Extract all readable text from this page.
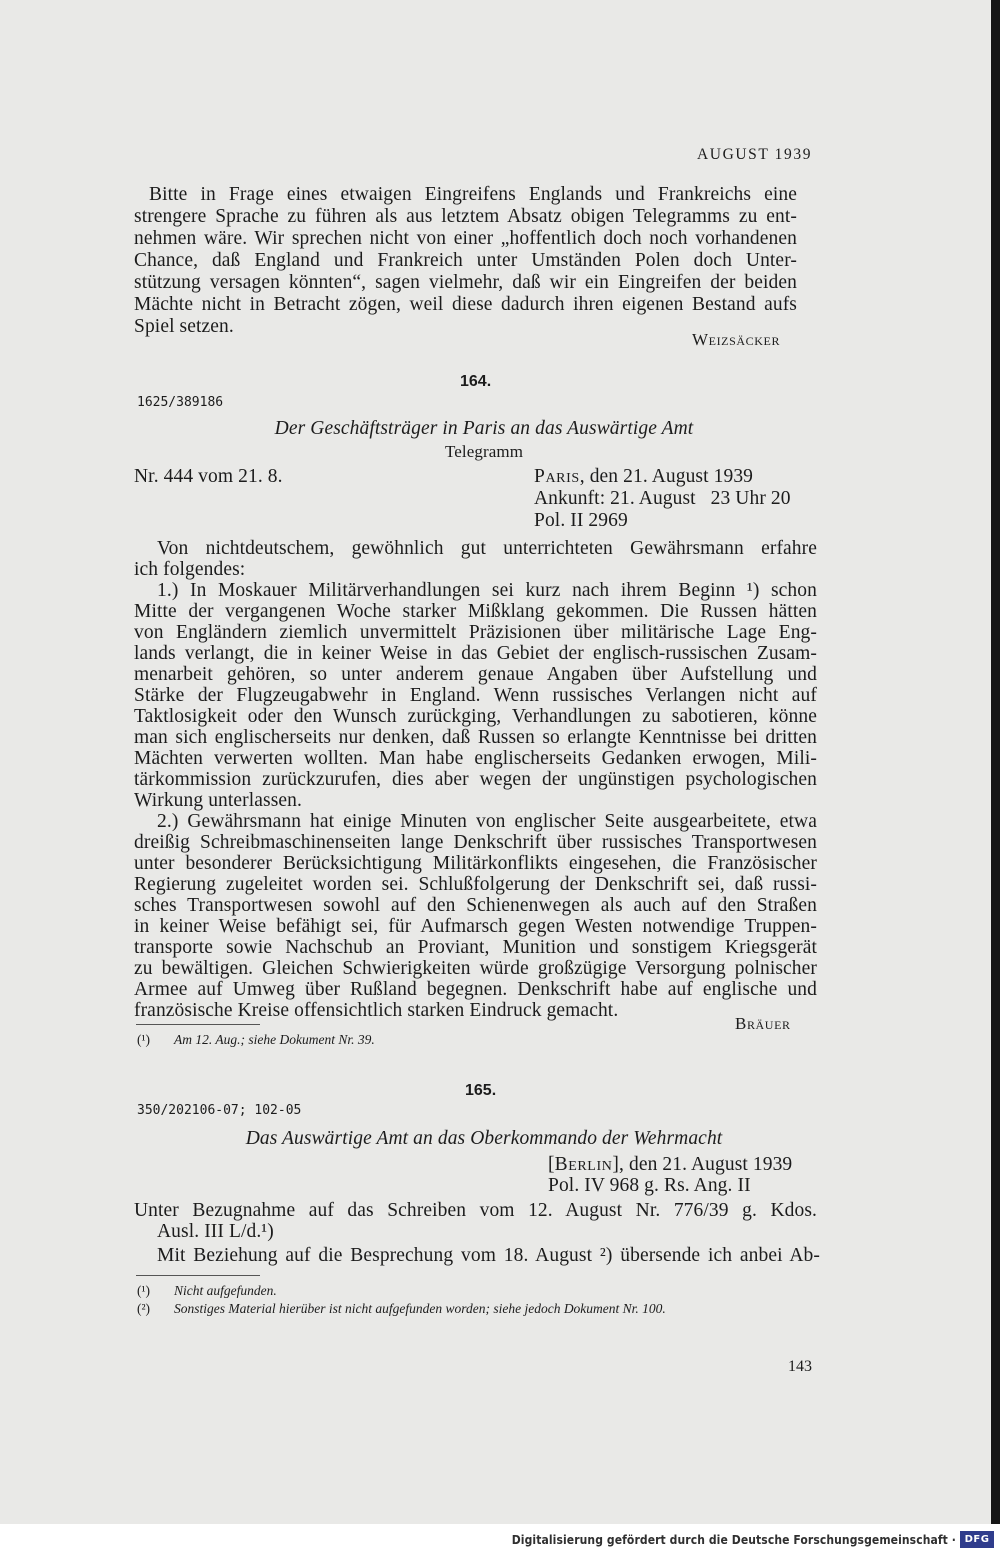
AUGUST 1939
Bitte in Frage eines etwaigen Eingreifens Englands und Frankreichs eine
strengere Sprache zu führen als aus letztem Absatz obigen Telegramms zu ent-
nehmen wäre. Wir sprechen nicht von einer „hoffentlich doch noch vorhandenen
Chance, daß England und Frankreich unter Umständen Polen doch Unter-
stützung versagen könnten“, sagen vielmehr, daß wir ein Eingreifen der beiden
Mächte nicht in Betracht zögen, weil diese dadurch ihren eigenen Bestand aufs
Spiel setzen.
Weizsäcker
164.
1625/389186
Der Geschäftsträger in Paris an das Auswärtige Amt
Telegramm
Nr. 444 vom 21. 8.	Paris, den 21. August 1939
Ankunft: 21. August   23 Uhr 20
Pol. II 2969
Von nichtdeutschem, gewöhnlich gut unterrichteten Gewährsmann erfahre
ich folgendes:
1.) In Moskauer Militärverhandlungen sei kurz nach ihrem Beginn ¹) schon
Mitte der vergangenen Woche starker Mißklang gekommen. Die Russen hätten
von Engländern ziemlich unvermittelt Präzisionen über militärische Lage Eng-
lands verlangt, die in keiner Weise in das Gebiet der englisch-russischen Zusam-
menarbeit gehören, so unter anderem genaue Angaben über Aufstellung und
Stärke der Flugzeugabwehr in England. Wenn russisches Verlangen nicht auf
Taktlosigkeit oder den Wunsch zurückging, Verhandlungen zu sabotieren, könne
man sich englischerseits nur denken, daß Russen so erlangte Kenntnisse bei dritten
Mächten verwerten wollten. Man habe englischerseits Gedanken erwogen, Mili-
tärkommission zurückzurufen, dies aber wegen der ungünstigen psychologischen
Wirkung unterlassen.
2.) Gewährsmann hat einige Minuten von englischer Seite ausgearbeitete, etwa
dreißig Schreibmaschinenseiten lange Denkschrift über russisches Transportwesen
unter besonderer Berücksichtigung Militärkonflikts eingesehen, die Französischer
Regierung zugeleitet worden sei. Schlußfolgerung der Denkschrift sei, daß russi-
sches Transportwesen sowohl auf den Schienenwegen als auch auf den Straßen
in keiner Weise befähigt sei, für Aufmarsch gegen Westen notwendige Truppen-
transporte sowie Nachschub an Proviant, Munition und sonstigem Kriegsgerät
zu bewältigen. Gleichen Schwierigkeiten würde großzügige Versorgung polnischer
Armee auf Umweg über Rußland begegnen. Denkschrift habe auf englische und
französische Kreise offensichtlich starken Eindruck gemacht.
Bräuer
(¹) Am 12. Aug.; siehe Dokument Nr. 39.
165.
350/202106-07; 102-05
Das Auswärtige Amt an das Oberkommando der Wehrmacht
[Berlin], den 21. August 1939
Pol. IV 968 g. Rs. Ang. II
Unter Bezugnahme auf das Schreiben vom 12. August Nr. 776/39 g. Kdos.
Ausl. III L/d.¹)
Mit Beziehung auf die Besprechung vom 18. August ²) übersende ich anbei Ab-
(¹) Nicht aufgefunden.
(²) Sonstiges Material hierüber ist nicht aufgefunden worden; siehe jedoch Dokument Nr. 100.
143
Digitalisierung gefördert durch die Deutsche Forschungsgemeinschaft · DFG
